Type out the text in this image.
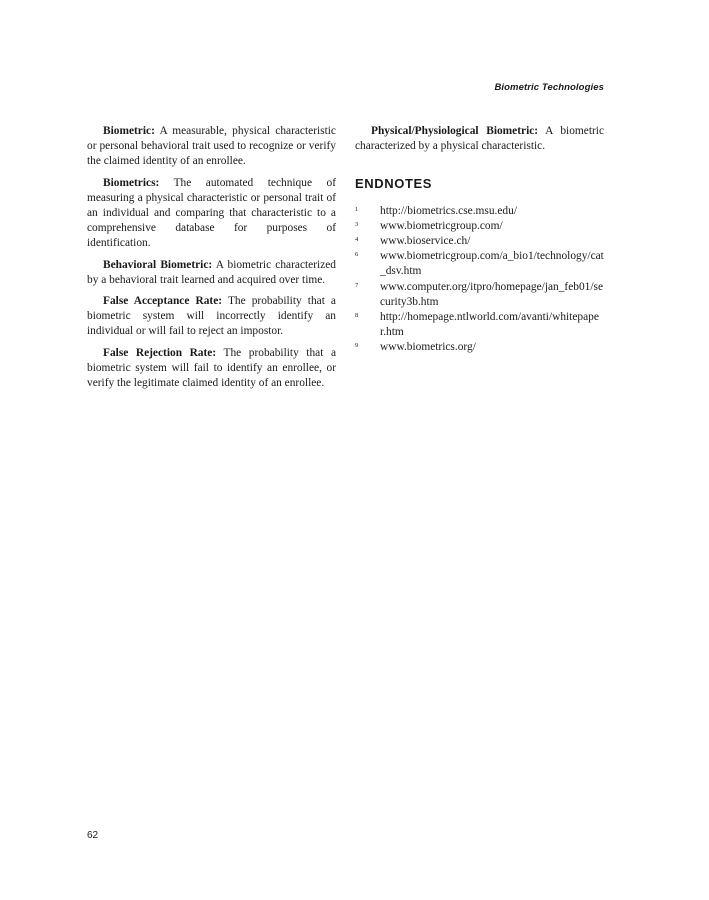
Biometric Technologies

Biometric: A measurable, physical characteristic or personal behavioral trait used to recognize or verify the claimed identity of an enrollee.

Biometrics: The automated technique of measuring a physical characteristic or personal trait of an individual and comparing that characteristic to a comprehensive database for purposes of identification.

Behavioral Biometric: A biometric characterized by a behavioral trait learned and acquired over time.

False Acceptance Rate: The probability that a biometric system will incorrectly identify an individual or will fail to reject an impostor.

False Rejection Rate: The probability that a biometric system will fail to identify an enrollee, or verify the legitimate claimed identity of an enrollee.

Physical/Physiological Biometric: A biometric characterized by a physical characteristic.

ENDNOTES
1	http://biometrics.cse.msu.edu/
3	www.biometricgroup.com/
4	www.bioservice.ch/
6	www.biometricgroup.com/a_bio1/technology/cat_dsv.htm
7	www.computer.org/itpro/homepage/jan_feb01/security3b.htm
8	http://homepage.ntlworld.com/avanti/whitepaper.htm
9	www.biometrics.org/
62
